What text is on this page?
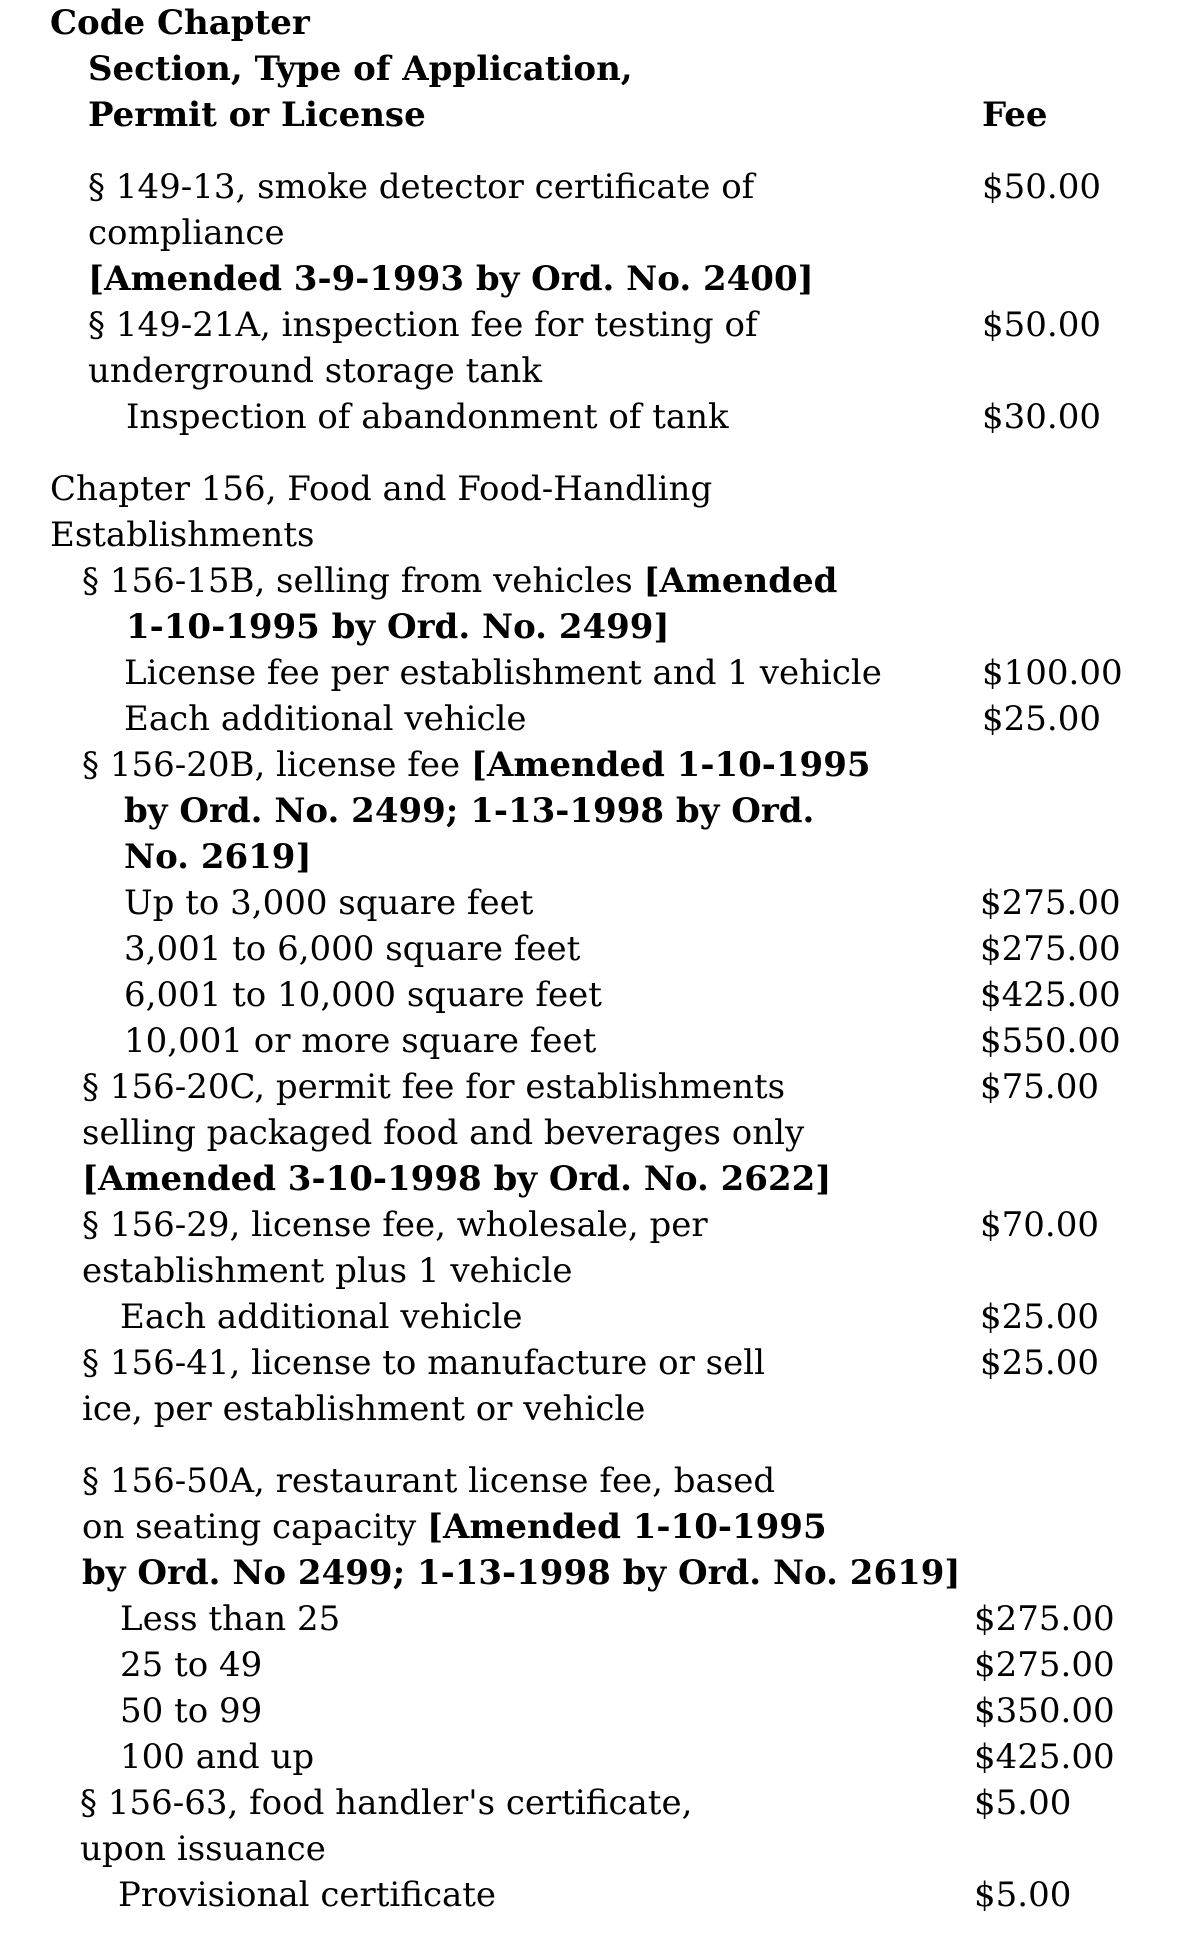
Code Chapter
Section, Type of Application,
Permit or License	Fee
§ 149-13, smoke detector certificate of	$50.00
compliance
[Amended 3-9-1993 by Ord. No. 2400]
§ 149-21A, inspection fee for testing of	$50.00
underground storage tank
Inspection of abandonment of tank	$30.00
Chapter 156, Food and Food-Handling
Establishments
§ 156-15B, selling from vehicles [Amended
1-10-1995 by Ord. No. 2499]
License fee per establishment and 1 vehicle	$100.00
Each additional vehicle	$25.00
§ 156-20B, license fee [Amended 1-10-1995
by Ord. No. 2499; 1-13-1998 by Ord.
No. 2619]
Up to 3,000 square feet	$275.00
3,001 to 6,000 square feet	$275.00
6,001 to 10,000 square feet	$425.00
10,001 or more square feet	$550.00
§ 156-20C, permit fee for establishments	$75.00
selling packaged food and beverages only
[Amended 3-10-1998 by Ord. No. 2622]
§ 156-29, license fee, wholesale, per	$70.00
establishment plus 1 vehicle
Each additional vehicle	$25.00
§ 156-41, license to manufacture or sell	$25.00
ice, per establishment or vehicle
§ 156-50A, restaurant license fee, based
on seating capacity [Amended 1-10-1995
by Ord. No 2499; 1-13-1998 by Ord. No. 2619]
Less than 25	$275.00
25 to 49	$275.00
50 to 99	$350.00
100 and up	$425.00
§ 156-63, food handler's certificate,	$5.00
upon issuance
Provisional certificate	$5.00
